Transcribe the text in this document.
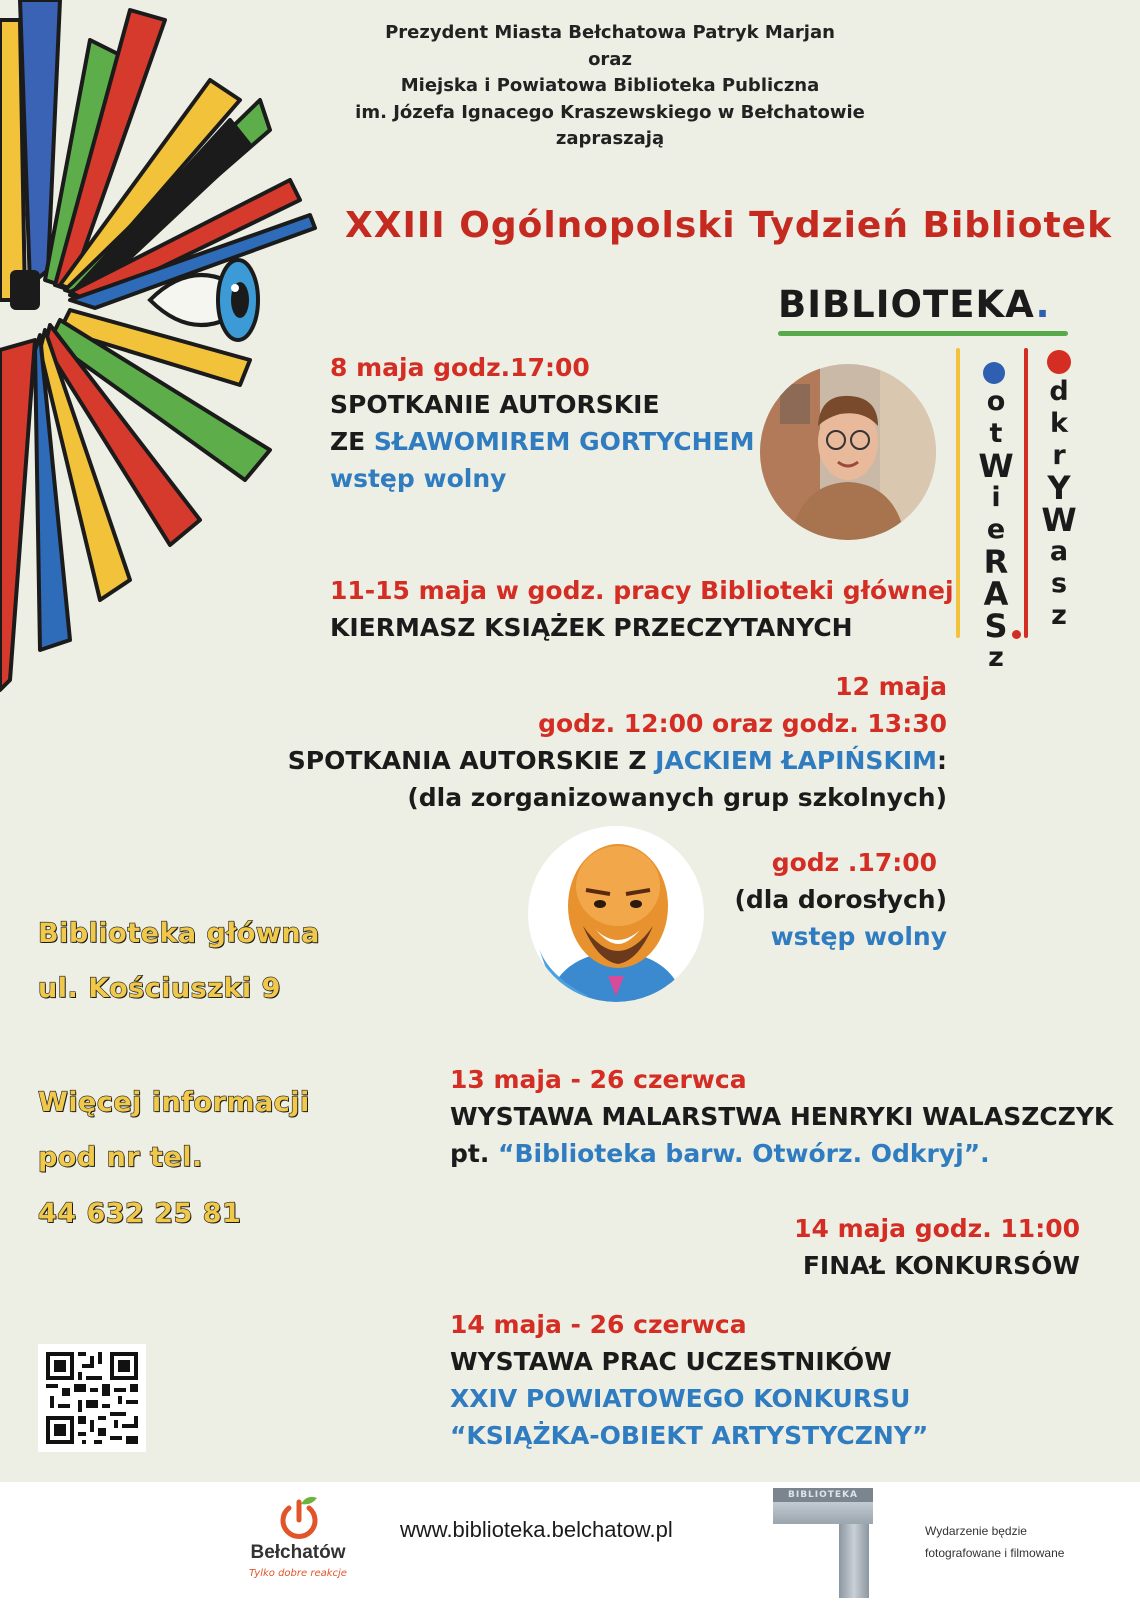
Prezydent Miasta Bełchatowa Patryk Marjan
oraz
Miejska i Powiatowa Biblioteka Publiczna
im. Józefa Ignacego Kraszewskiego w Bełchatowie
zapraszają
XXIII Ogólnopolski Tydzień Bibliotek
BIBLIOTEKA.
o
t
W
i
e
R
A
S
z
d
k
r
Y
W
a
s
z
8 maja godz.17:00
SPOTKANIE AUTORSKIE
ZE SŁAWOMIREM GORTYCHEM
wstęp wolny
11-15 maja w godz. pracy Biblioteki głównej
KIERMASZ KSIĄŻEK PRZECZYTANYCH
12 maja
godz. 12:00 oraz godz. 13:30
SPOTKANIA AUTORSKIE Z JACKIEM ŁAPIŃSKIM:
(dla zorganizowanych grup szkolnych)
godz .17:00
(dla dorosłych)
wstęp wolny
Biblioteka główna
ul. Kościuszki 9
Więcej informacji
pod nr tel.
44 632 25 81
13 maja - 26 czerwca
WYSTAWA MALARSTWA HENRYKI WALASZCZYK
pt. “Biblioteka barw. Otwórz. Odkryj”.
14 maja godz. 11:00
FINAŁ KONKURSÓW
14 maja - 26 czerwca
WYSTAWA PRAC UCZESTNIKÓW
XXIV POWIATOWEGO KONKURSU
“KSIĄŻKA-OBIEKT ARTYSTYCZNY”
Bełchatów
Tylko dobre reakcje
www.biblioteka.belchatow.pl
BIBLIOTEKA
Wydarzenie będzie
fotografowane i filmowane
